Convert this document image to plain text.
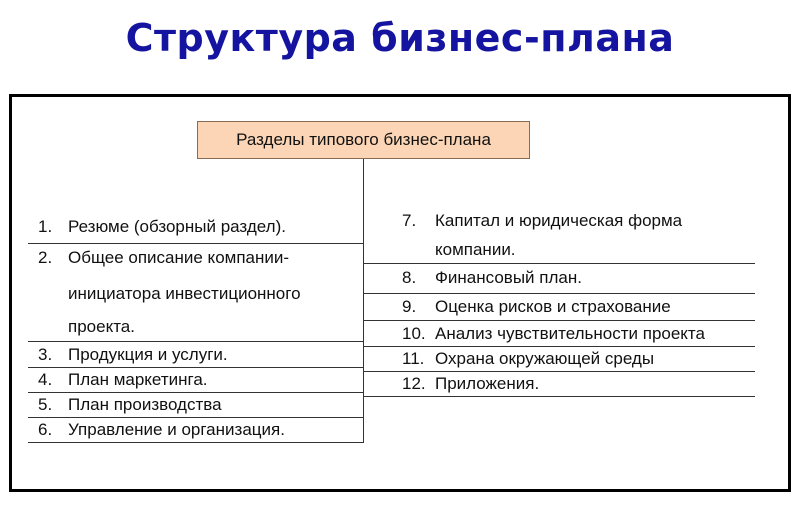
Структура бизнес-плана
Разделы типового бизнес-плана
1. Резюме (обзорный раздел).
2. Общее описание компании-
инициатора инвестиционного
проекта.
3. Продукция и услуги.
4. План маркетинга.
5. План производства
6. Управление и организация.
7. Капитал и юридическая форма
компании.
8. Финансовый план.
9. Оценка рисков и страхование
10. Анализ чувствительности проекта
11. Охрана окружающей среды
12. Приложения.
